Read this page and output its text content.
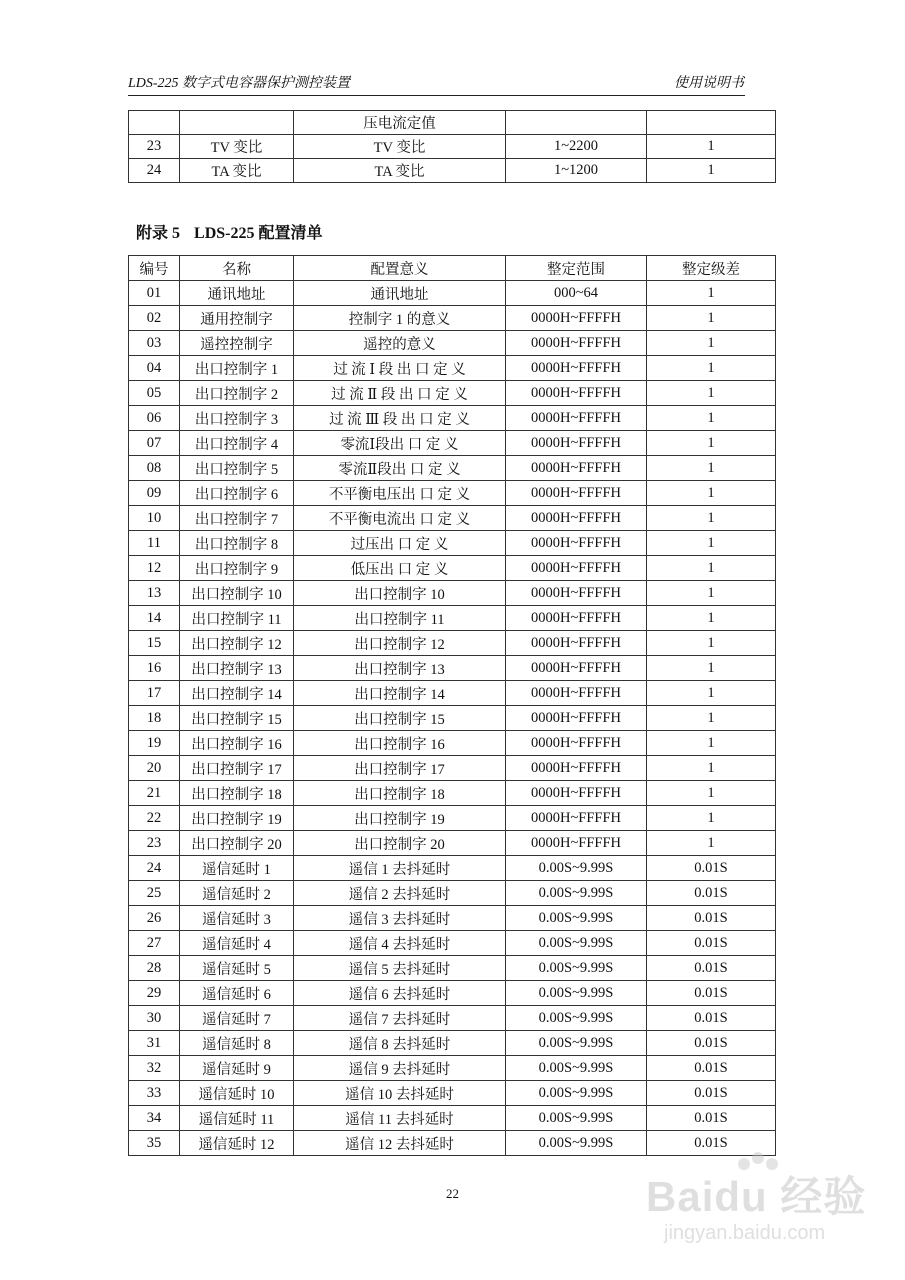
LDS-225 数字式电容器保护测控装置	使用说明书
		压电流定值		
23	TV 变比	TV 变比	1~2200	1
24	TA 变比	TA 变比	1~1200	1
附录 5 LDS-225 配置清单
编号	名称	配置意义	整定范围	整定级差
01	通讯地址	通讯地址	000~64	1
02	通用控制字	控制字 1 的意义	0000H~FFFFH	1
03	遥控控制字	遥控的意义	0000H~FFFFH	1
04	出口控制字 1	过 流 Ⅰ 段 出 口 定 义	0000H~FFFFH	1
05	出口控制字 2	过 流 Ⅱ 段 出 口 定 义	0000H~FFFFH	1
06	出口控制字 3	过 流 Ⅲ 段 出 口 定 义	0000H~FFFFH	1
07	出口控制字 4	零流Ⅰ段出 口 定 义	0000H~FFFFH	1
08	出口控制字 5	零流Ⅱ段出 口 定 义	0000H~FFFFH	1
09	出口控制字 6	不平衡电压出 口 定 义	0000H~FFFFH	1
10	出口控制字 7	不平衡电流出 口 定 义	0000H~FFFFH	1
11	出口控制字 8	过压出 口 定 义	0000H~FFFFH	1
12	出口控制字 9	低压出 口 定 义	0000H~FFFFH	1
13	出口控制字 10	出口控制字 10	0000H~FFFFH	1
14	出口控制字 11	出口控制字 11	0000H~FFFFH	1
15	出口控制字 12	出口控制字 12	0000H~FFFFH	1
16	出口控制字 13	出口控制字 13	0000H~FFFFH	1
17	出口控制字 14	出口控制字 14	0000H~FFFFH	1
18	出口控制字 15	出口控制字 15	0000H~FFFFH	1
19	出口控制字 16	出口控制字 16	0000H~FFFFH	1
20	出口控制字 17	出口控制字 17	0000H~FFFFH	1
21	出口控制字 18	出口控制字 18	0000H~FFFFH	1
22	出口控制字 19	出口控制字 19	0000H~FFFFH	1
23	出口控制字 20	出口控制字 20	0000H~FFFFH	1
24	遥信延时 1	遥信 1 去抖延时	0.00S~9.99S	0.01S
25	遥信延时 2	遥信 2 去抖延时	0.00S~9.99S	0.01S
26	遥信延时 3	遥信 3 去抖延时	0.00S~9.99S	0.01S
27	遥信延时 4	遥信 4 去抖延时	0.00S~9.99S	0.01S
28	遥信延时 5	遥信 5 去抖延时	0.00S~9.99S	0.01S
29	遥信延时 6	遥信 6 去抖延时	0.00S~9.99S	0.01S
30	遥信延时 7	遥信 7 去抖延时	0.00S~9.99S	0.01S
31	遥信延时 8	遥信 8 去抖延时	0.00S~9.99S	0.01S
32	遥信延时 9	遥信 9 去抖延时	0.00S~9.99S	0.01S
33	遥信延时 10	遥信 10 去抖延时	0.00S~9.99S	0.01S
34	遥信延时 11	遥信 11 去抖延时	0.00S~9.99S	0.01S
35	遥信延时 12	遥信 12 去抖延时	0.00S~9.99S	0.01S
22	Baidu 经验
jingyan.baidu.com
